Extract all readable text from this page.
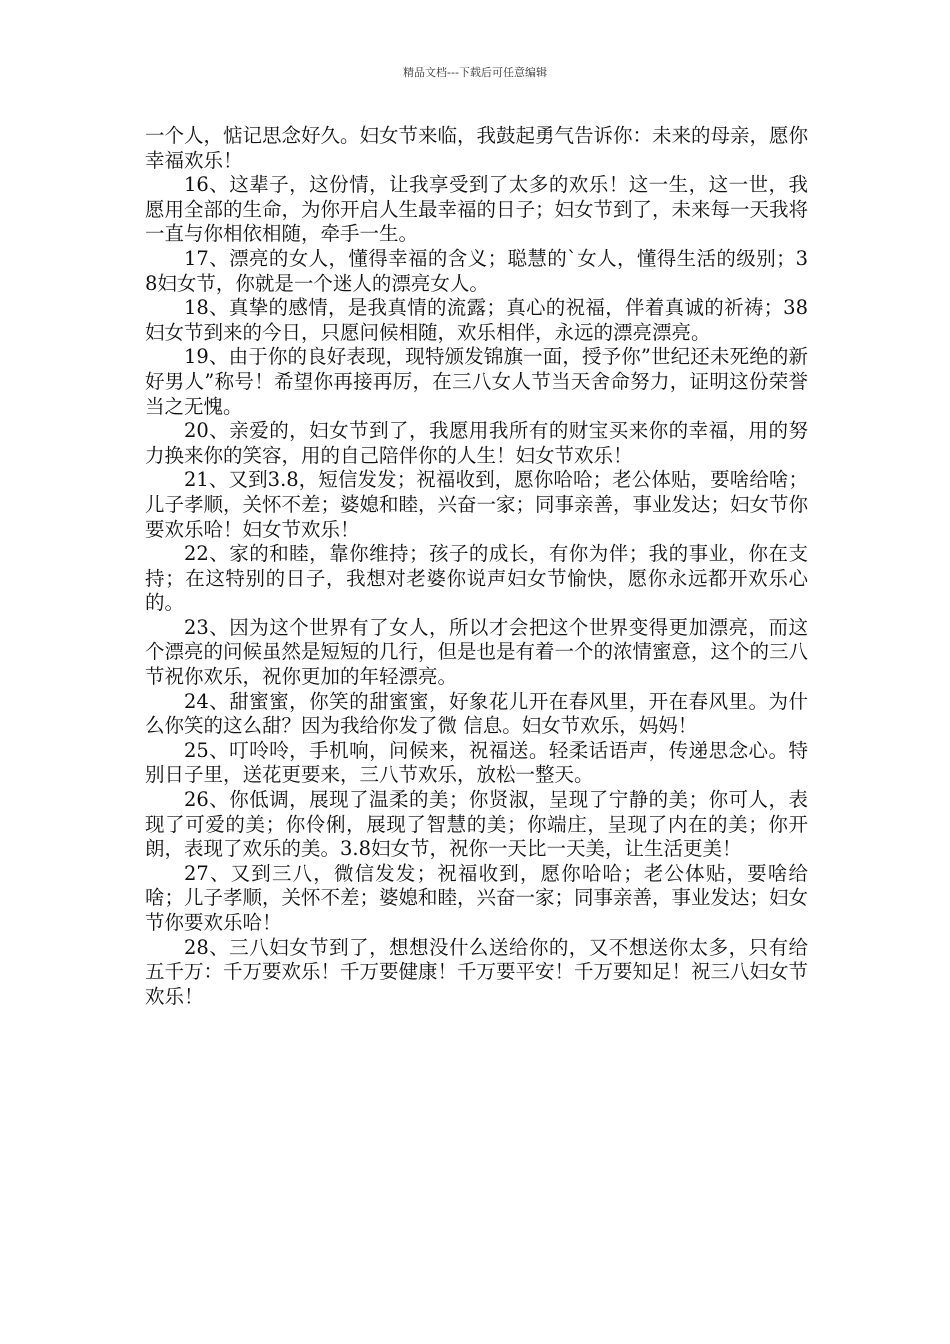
精品文档---下载后可任意编辑

一个人，惦记思念好久。妇女节来临，我鼓起勇气告诉你：未来的母亲，愿你幸福欢乐！

16、这辈子，这份情，让我享受到了太多的欢乐！这一生，这一世，我愿用全部的生命，为你开启人生最幸福的日子；妇女节到了，未来每一天我将一直与你相依相随，牵手一生。

17、漂亮的女人，懂得幸福的含义；聪慧的`女人，懂得生活的级别；38妇女节，你就是一个迷人的漂亮女人。

18、真挚的感情，是我真情的流露；真心的祝福，伴着真诚的祈祷；38妇女节到来的今日，只愿问候相随，欢乐相伴，永远的漂亮漂亮。

19、由于你的良好表现，现特颁发锦旗一面，授予你”世纪还未死绝的新好男人”称号！希望你再接再厉，在三八女人节当天舍命努力，证明这份荣誉当之无愧。

20、亲爱的，妇女节到了，我愿用我所有的财宝买来你的幸福，用的努力换来你的笑容，用的自己陪伴你的人生！妇女节欢乐！

21、又到3.8，短信发发；祝福收到，愿你哈哈；老公体贴，要啥给啥；儿子孝顺，关怀不差；婆媳和睦，兴奋一家；同事亲善，事业发达；妇女节你要欢乐哈！妇女节欢乐！

22、家的和睦，靠你维持；孩子的成长，有你为伴；我的事业，你在支持；在这特别的日子，我想对老婆你说声妇女节愉快，愿你永远都开欢乐心的。

23、因为这个世界有了女人，所以才会把这个世界变得更加漂亮，而这个漂亮的问候虽然是短短的几行，但是也是有着一个的浓情蜜意，这个的三八节祝你欢乐，祝你更加的年轻漂亮。

24、甜蜜蜜，你笑的甜蜜蜜，好象花儿开在春风里，开在春风里。为什么你笑的这么甜？因为我给你发了微 信息。妇女节欢乐，妈妈！

25、叮呤呤，手机响，问候来，祝福送。轻柔话语声，传递思念心。特别日子里，送花更要来，三八节欢乐，放松一整天。

26、你低调，展现了温柔的美；你贤淑，呈现了宁静的美；你可人，表现了可爱的美；你伶俐，展现了智慧的美；你端庄，呈现了内在的美；你开朗，表现了欢乐的美。3.8妇女节，祝你一天比一天美，让生活更美！

27、又到三八，微信发发；祝福收到，愿你哈哈；老公体贴，要啥给啥；儿子孝顺，关怀不差；婆媳和睦，兴奋一家；同事亲善，事业发达；妇女节你要欢乐哈！

28、三八妇女节到了，想想没什么送给你的，又不想送你太多，只有给五千万：千万要欢乐！千万要健康！千万要平安！千万要知足！祝三八妇女节欢乐！
